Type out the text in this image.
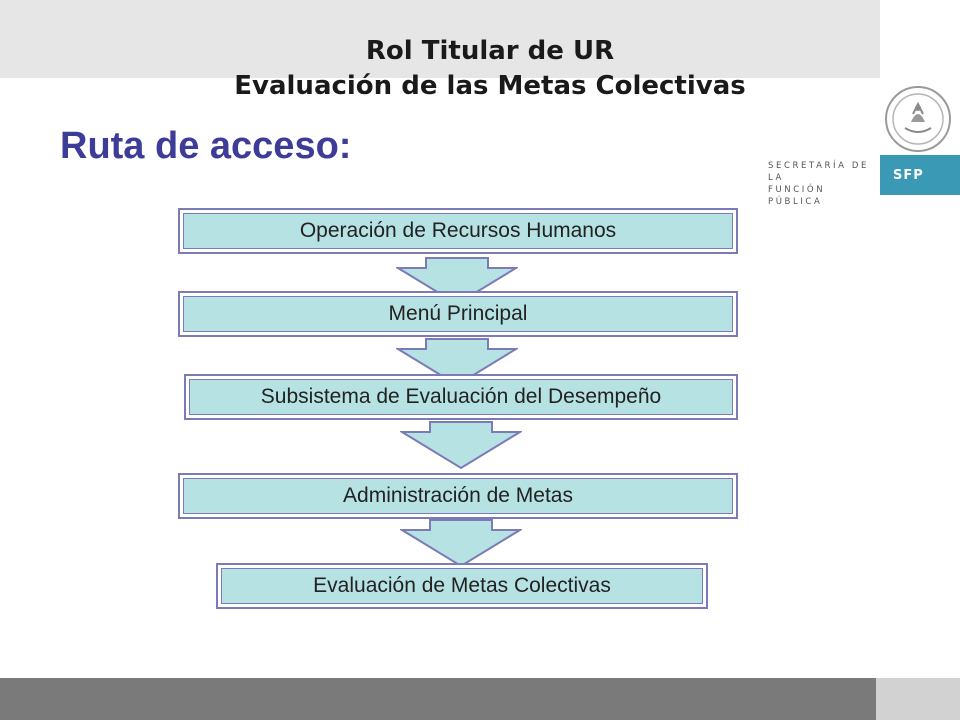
Rol Titular de UR
Evaluación de las Metas Colectivas
Ruta de acceso:	SECRETARÍA DE LA
FUNCIÓN PÚBLICA
SFP
Operación de Recursos Humanos
Menú Principal
Subsistema de Evaluación del Desempeño
Administración de Metas
Evaluación de Metas Colectivas
